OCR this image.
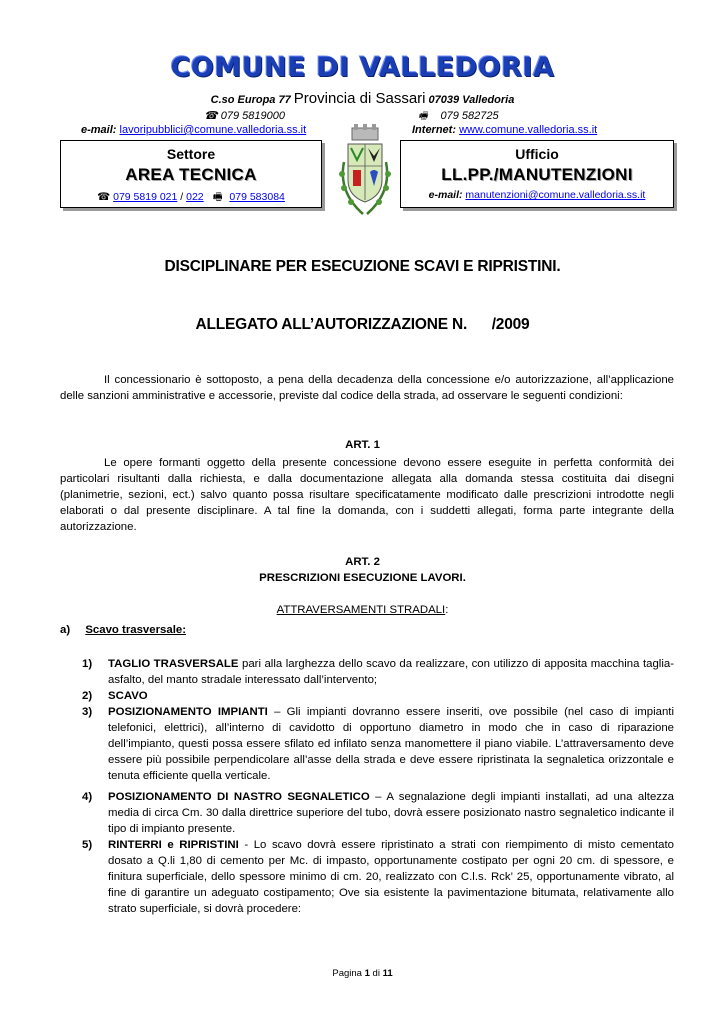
COMUNE DI VALLEDORIA
C.so Europa 77 Provincia di Sassari 07039 Valledoria
☎ 079 5819000	🖷 079 582725
e-mail: lavoripubblici@comune.valledoria.ss.it	Internet: www.comune.valledoria.ss.it
Settore
AREA TECNICA
☎ 079 5819 021 / 022 🖷 079 583084
Ufficio
LL.PP./MANUTENZIONI
e-mail: manutenzioni@comune.valledoria.ss.it
DISCIPLINARE PER ESECUZIONE SCAVI E RIPRISTINI.
ALLEGATO ALL’AUTORIZZAZIONE N.      /2009
Il concessionario è sottoposto, a pena della decadenza della concessione e/o autorizzazione, all’applicazione delle sanzioni amministrative e accessorie, previste dal codice della strada, ad osservare le seguenti condizioni:
ART. 1
Le opere formanti oggetto della presente concessione devono essere eseguite in perfetta conformità dei particolari risultanti dalla richiesta, e dalla documentazione allegata alla domanda stessa costituita dai disegni (planimetrie, sezioni, ect.) salvo quanto possa risultare specificatamente modificato dalle prescrizioni introdotte negli elaborati o dal presente disciplinare. A tal fine la domanda, con i suddetti allegati, forma parte integrante della autorizzazione.
ART. 2
PRESCRIZIONI ESECUZIONE LAVORI.
ATTRAVERSAMENTI STRADALI:
a) Scavo trasversale:
1) TAGLIO TRASVERSALE pari alla larghezza dello scavo da realizzare, con utilizzo di apposita macchina taglia-asfalto, del manto stradale interessato dall’intervento;
2) SCAVO
3) POSIZIONAMENTO IMPIANTI – Gli impianti dovranno essere inseriti, ove possibile (nel caso di impianti telefonici, elettrici), all’interno di cavidotto di opportuno diametro in modo che in caso di riparazione dell’impianto, questi possa essere sfilato ed infilato senza manomettere il piano viabile. L’attraversamento deve essere più possibile perpendicolare all’asse della strada e deve essere ripristinata la segnaletica orizzontale e tenuta efficiente quella verticale.
4) POSIZIONAMENTO DI NASTRO SEGNALETICO – A segnalazione degli impianti installati, ad una altezza media di circa Cm. 30 dalla direttrice superiore del tubo, dovrà essere posizionato nastro segnaletico indicante il tipo di impianto presente.
5) RINTERRI e RIPRISTINI - Lo scavo dovrà essere ripristinato a strati con riempimento di misto cementato dosato a Q.li 1,80 di cemento per Mc. di impasto, opportunamente costipato per ogni 20 cm. di spessore, e finitura superficiale, dello spessore minimo di cm. 20, realizzato con C.l.s. Rck’ 25, opportunamente vibrato, al fine di garantire un adeguato costipamento; Ove sia esistente la pavimentazione bitumata, relativamente allo strato superficiale, si dovrà procedere:
Pagina 1 di 11
